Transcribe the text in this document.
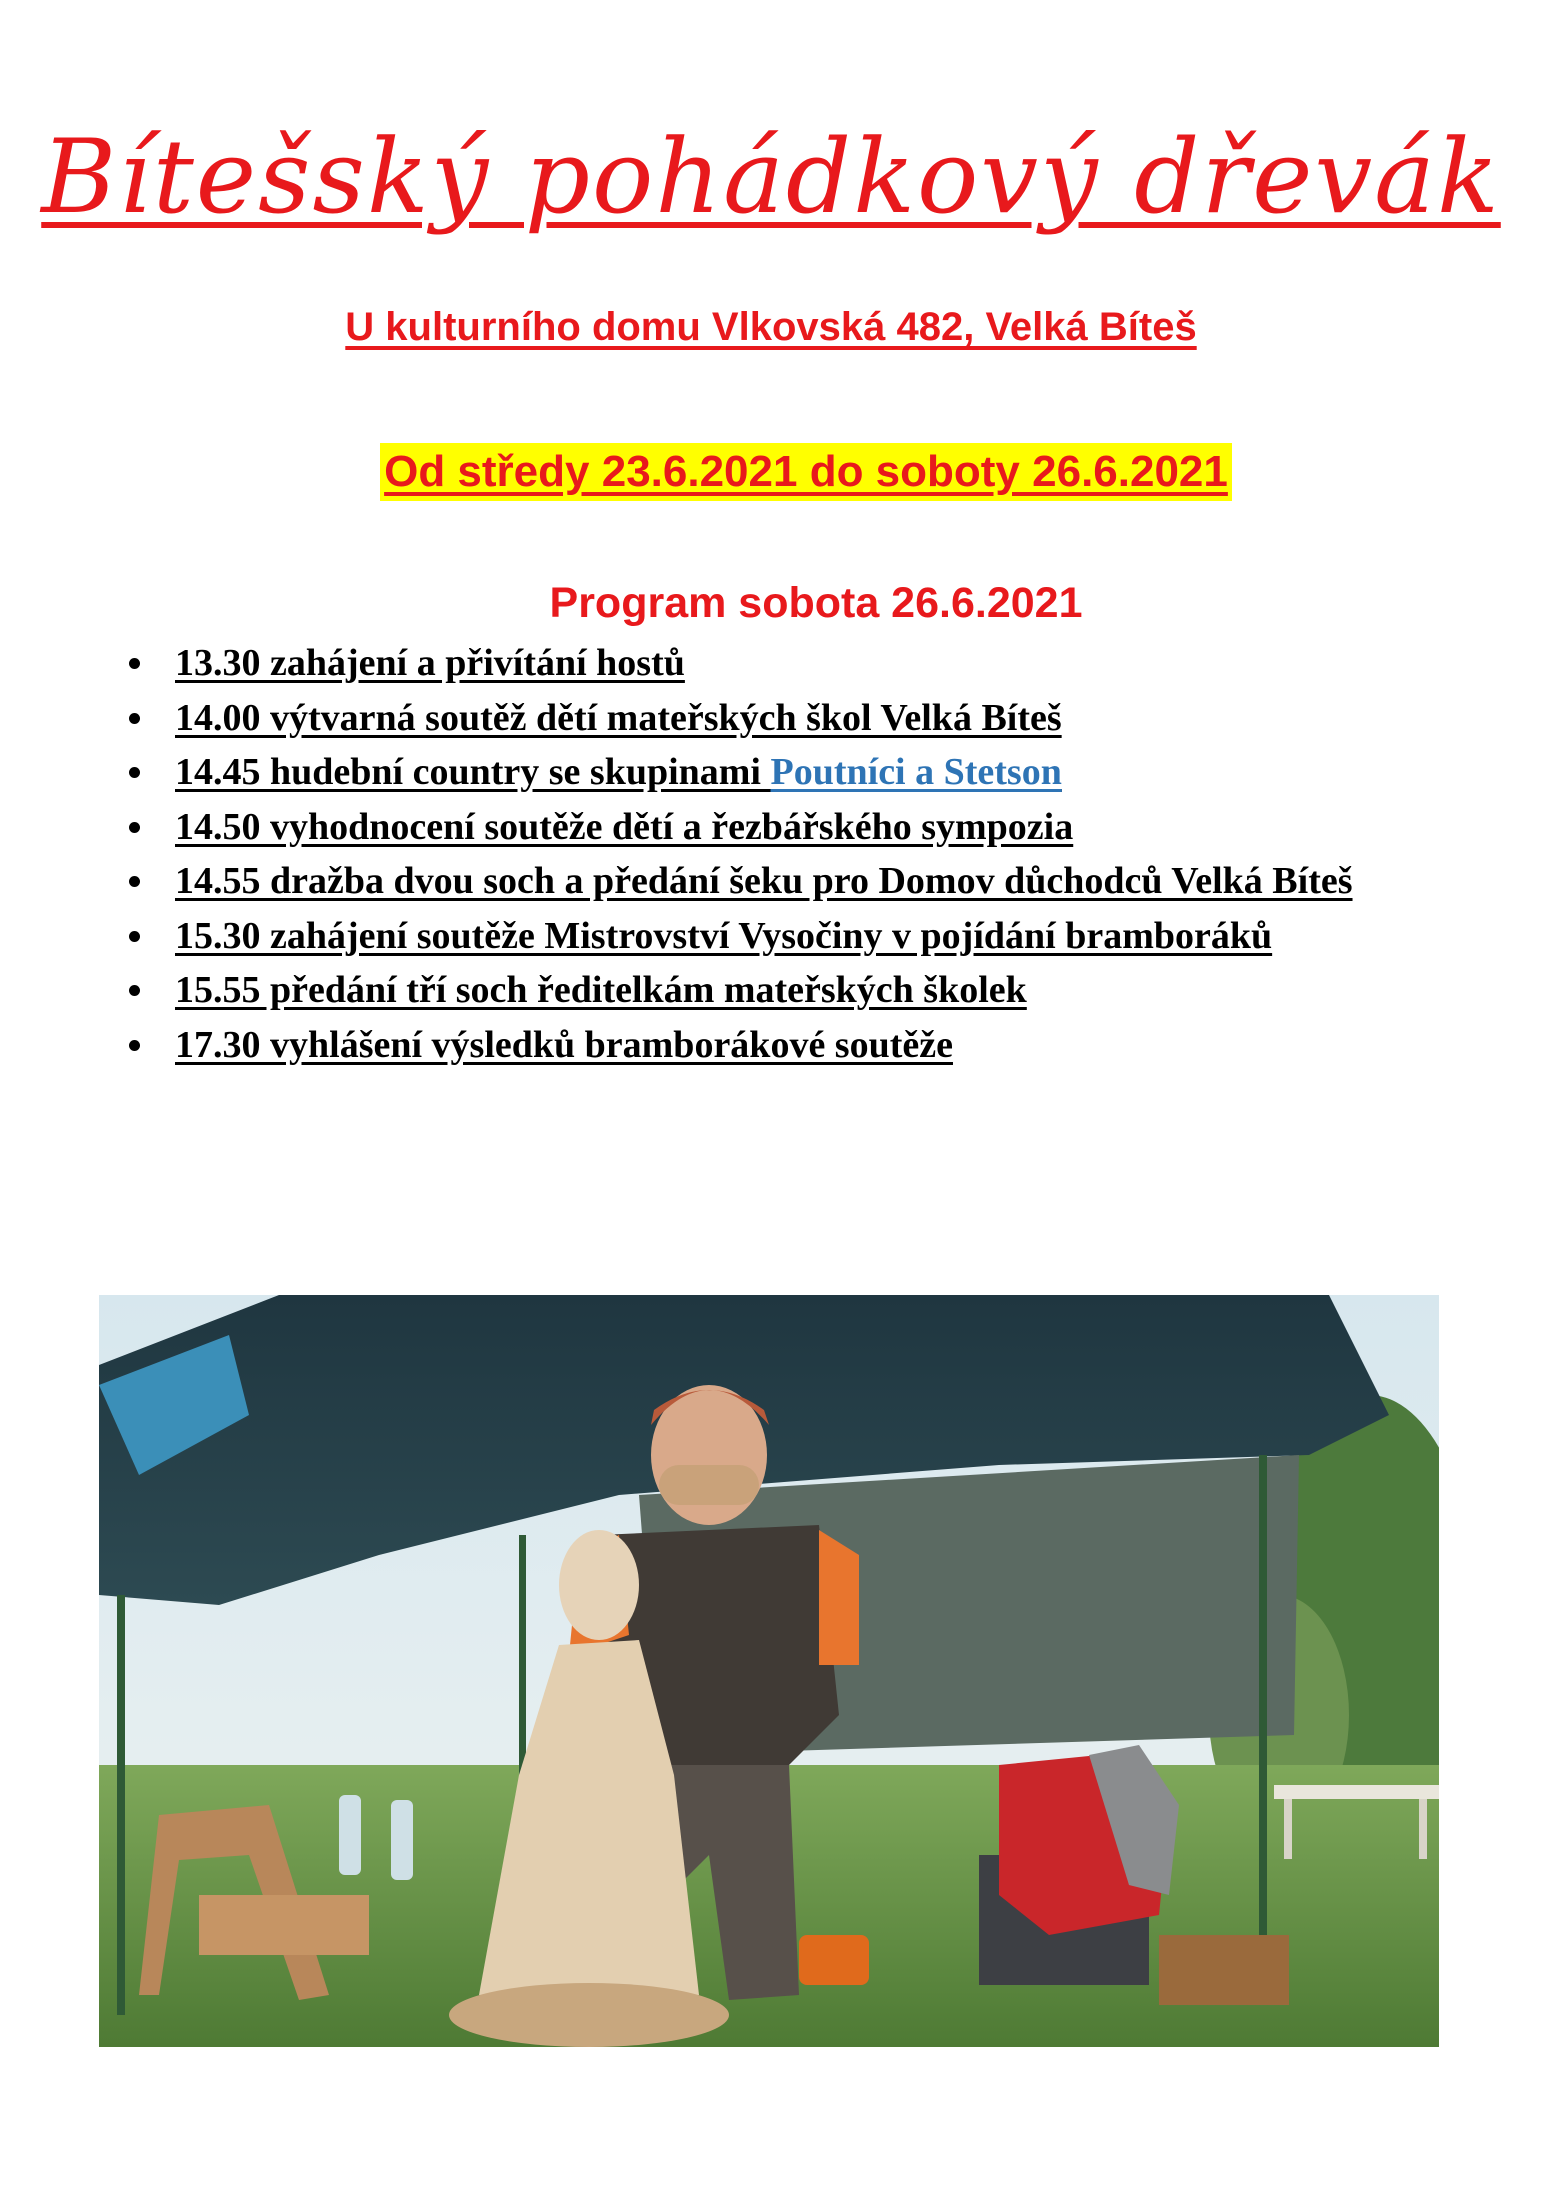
Bítešský pohádkový dřevák

U kulturního domu Vlkovská 482, Velká Bíteš

Od středy 23.6.2021 do soboty 26.6.2021

Program sobota 26.6.2021

13.30 zahájení a přivítání hostů
14.00 výtvarná soutěž dětí mateřských škol Velká Bíteš
14.45 hudební country se skupinami Poutníci a Stetson
14.50 vyhodnocení soutěže dětí a řezbářského sympozia
14.55 dražba dvou soch a předání šeku pro Domov důchodců Velká Bíteš
15.30 zahájení soutěže Mistrovství Vysočiny v pojídání bramboráků
15.55 předání tří soch ředitelkám mateřských školek
17.30 vyhlášení výsledků bramborákové soutěže
